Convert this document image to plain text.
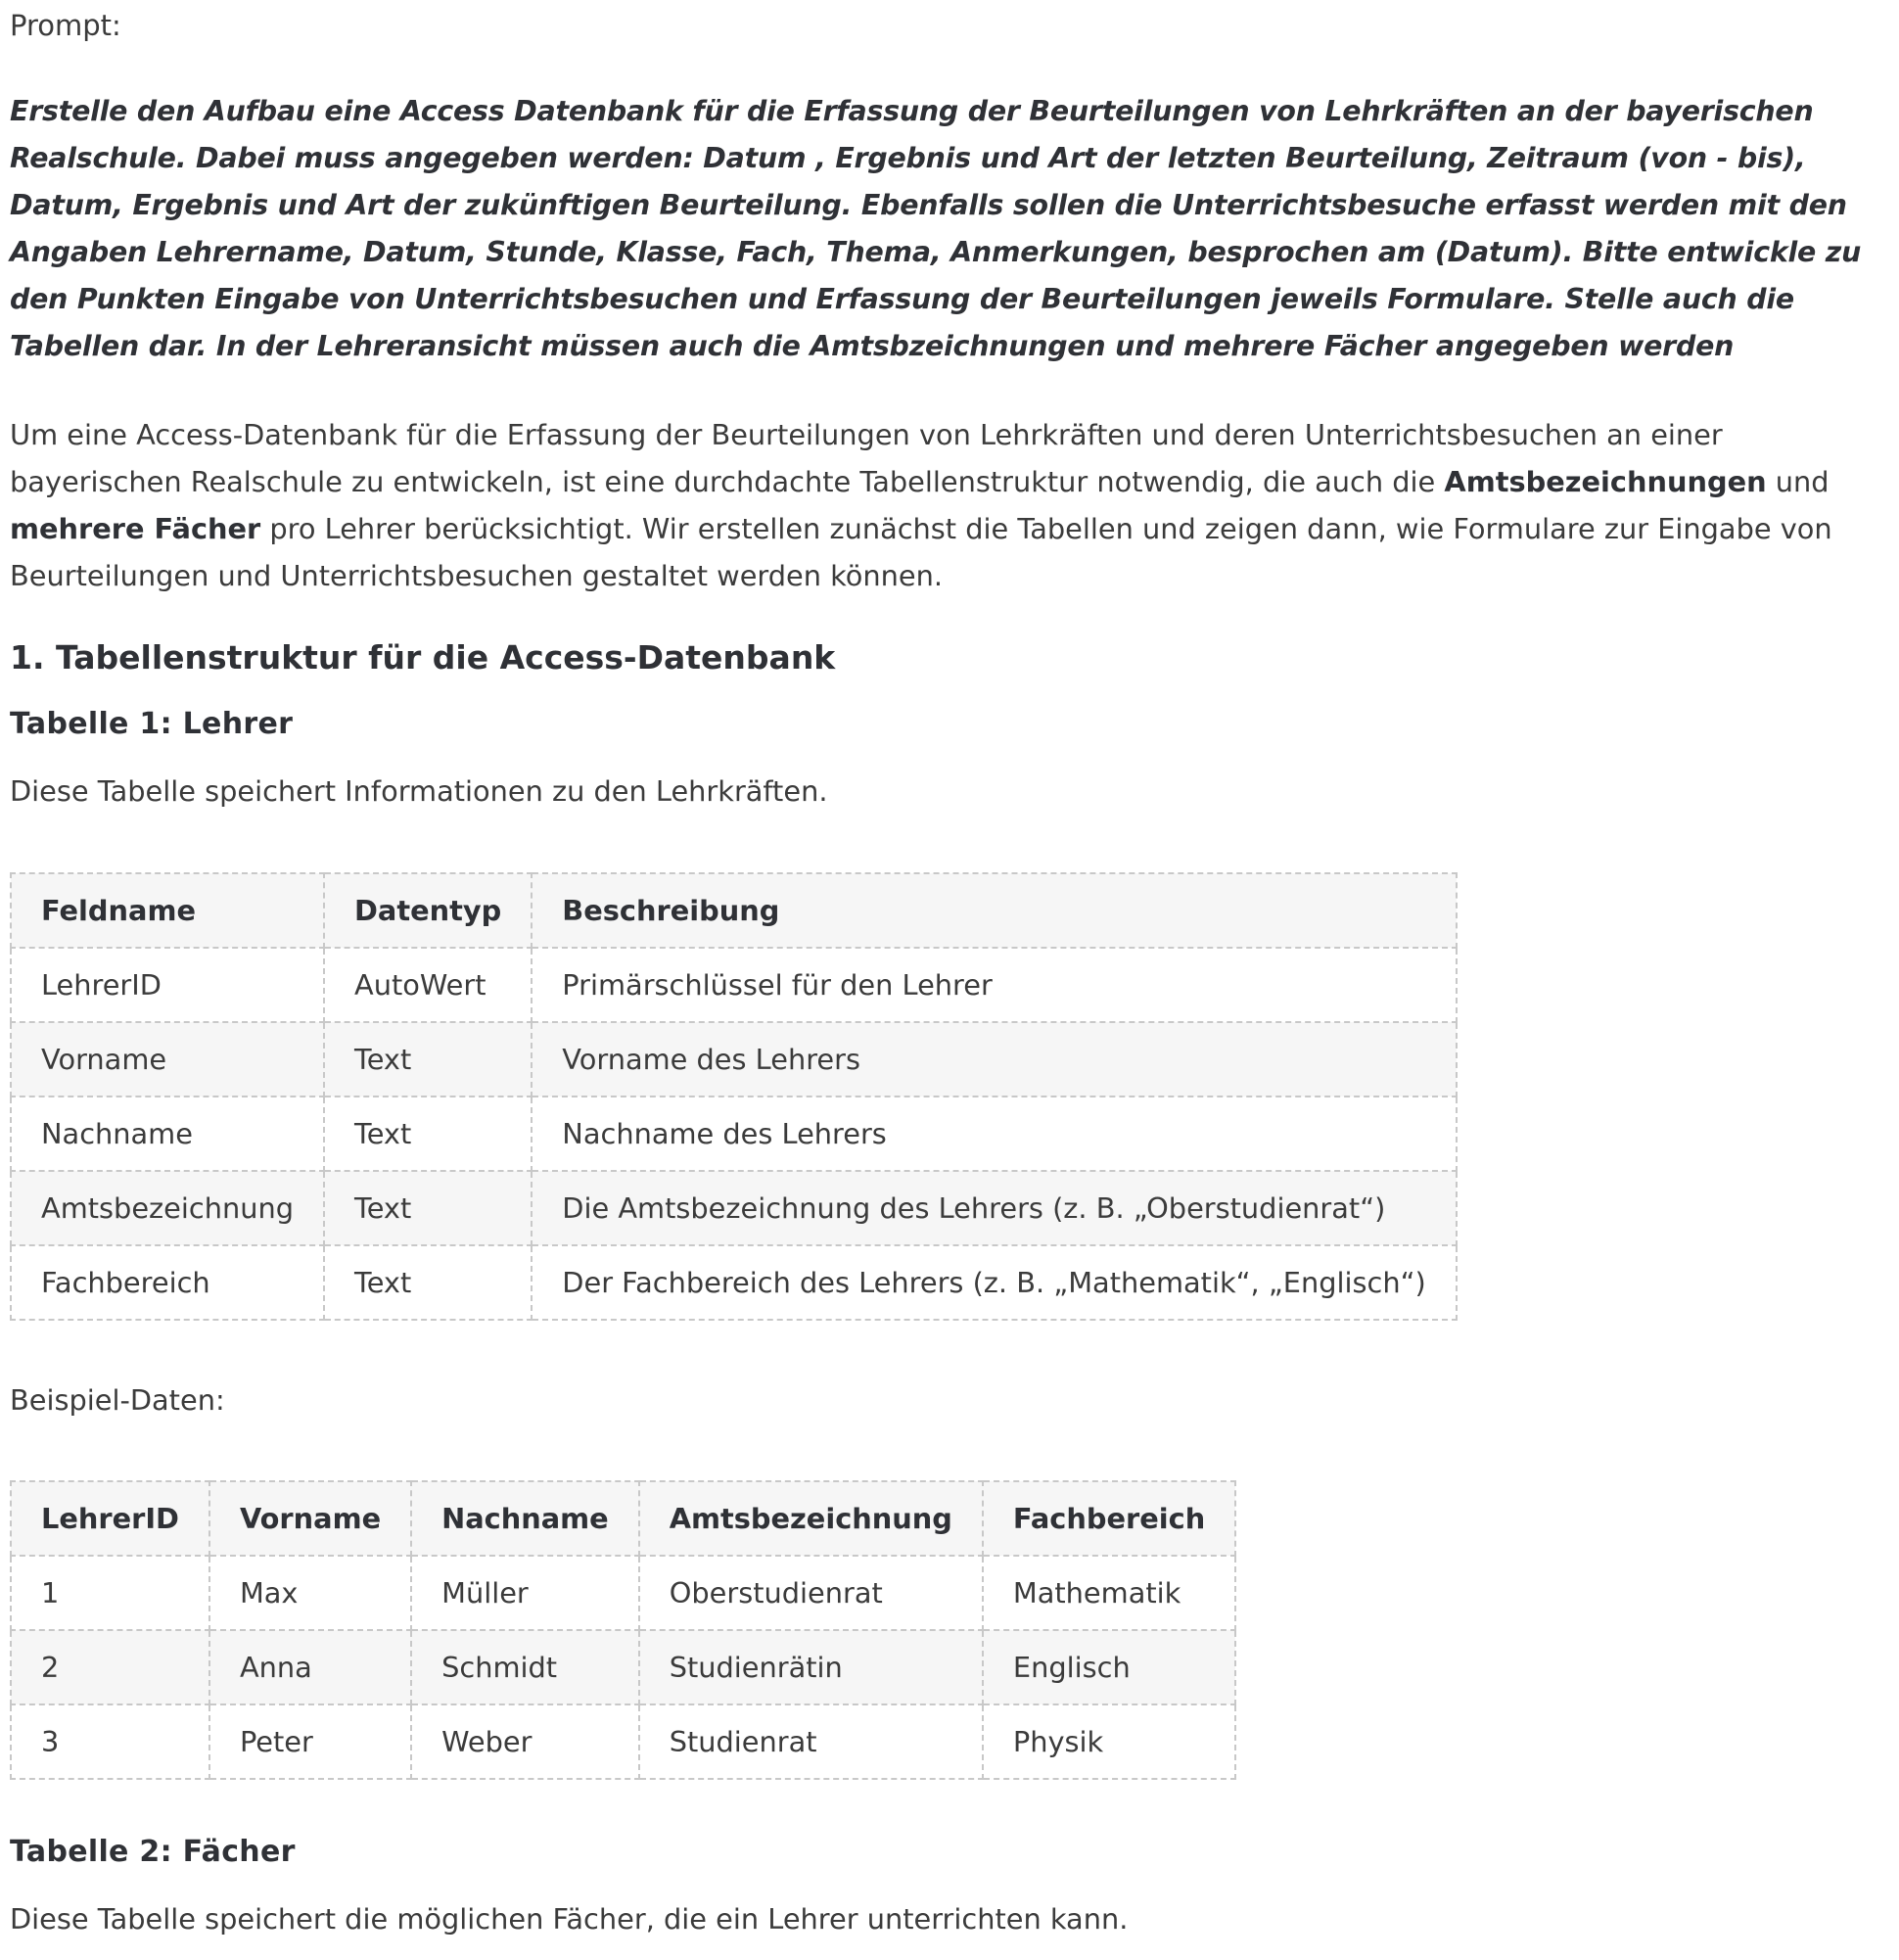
Prompt:
Erstelle den Aufbau eine Access Datenbank für die Erfassung der Beurteilungen von Lehrkräften an der bayerischen Realschule. Dabei muss angegeben werden: Datum , Ergebnis und Art der letzten Beurteilung, Zeitraum (von - bis), Datum, Ergebnis und Art der zukünftigen Beurteilung. Ebenfalls sollen die Unterrichtsbesuche erfasst werden mit den Angaben Lehrername, Datum, Stunde, Klasse, Fach, Thema, Anmerkungen, besprochen am (Datum). Bitte entwickle zu den Punkten Eingabe von Unterrichtsbesuchen und Erfassung der Beurteilungen jeweils Formulare. Stelle auch die Tabellen dar. In der Lehreransicht müssen auch die Amtsbzeichnungen und mehrere Fächer angegeben werden

Um eine Access-Datenbank für die Erfassung der Beurteilungen von Lehrkräften und deren Unterrichtsbesuchen an einer bayerischen Realschule zu entwickeln, ist eine durchdachte Tabellenstruktur notwendig, die auch die Amtsbezeichnungen und mehrere Fächer pro Lehrer berücksichtigt. Wir erstellen zunächst die Tabellen und zeigen dann, wie Formulare zur Eingabe von Beurteilungen und Unterrichtsbesuchen gestaltet werden können.

1. Tabellenstruktur für die Access-Datenbank
Tabelle 1: Lehrer
Diese Tabelle speichert Informationen zu den Lehrkräften.
Feldname	Datentyp	Beschreibung
LehrerID	AutoWert	Primärschlüssel für den Lehrer
Vorname	Text	Vorname des Lehrers
Nachname	Text	Nachname des Lehrers
Amtsbezeichnung	Text	Die Amtsbezeichnung des Lehrers (z. B. „Oberstudienrat“)
Fachbereich	Text	Der Fachbereich des Lehrers (z. B. „Mathematik“, „Englisch“)
Beispiel-Daten:
LehrerID	Vorname	Nachname	Amtsbezeichnung	Fachbereich
1	Max	Müller	Oberstudienrat	Mathematik
2	Anna	Schmidt	Studienrätin	Englisch
3	Peter	Weber	Studienrat	Physik
Tabelle 2: Fächer
Diese Tabelle speichert die möglichen Fächer, die ein Lehrer unterrichten kann.
